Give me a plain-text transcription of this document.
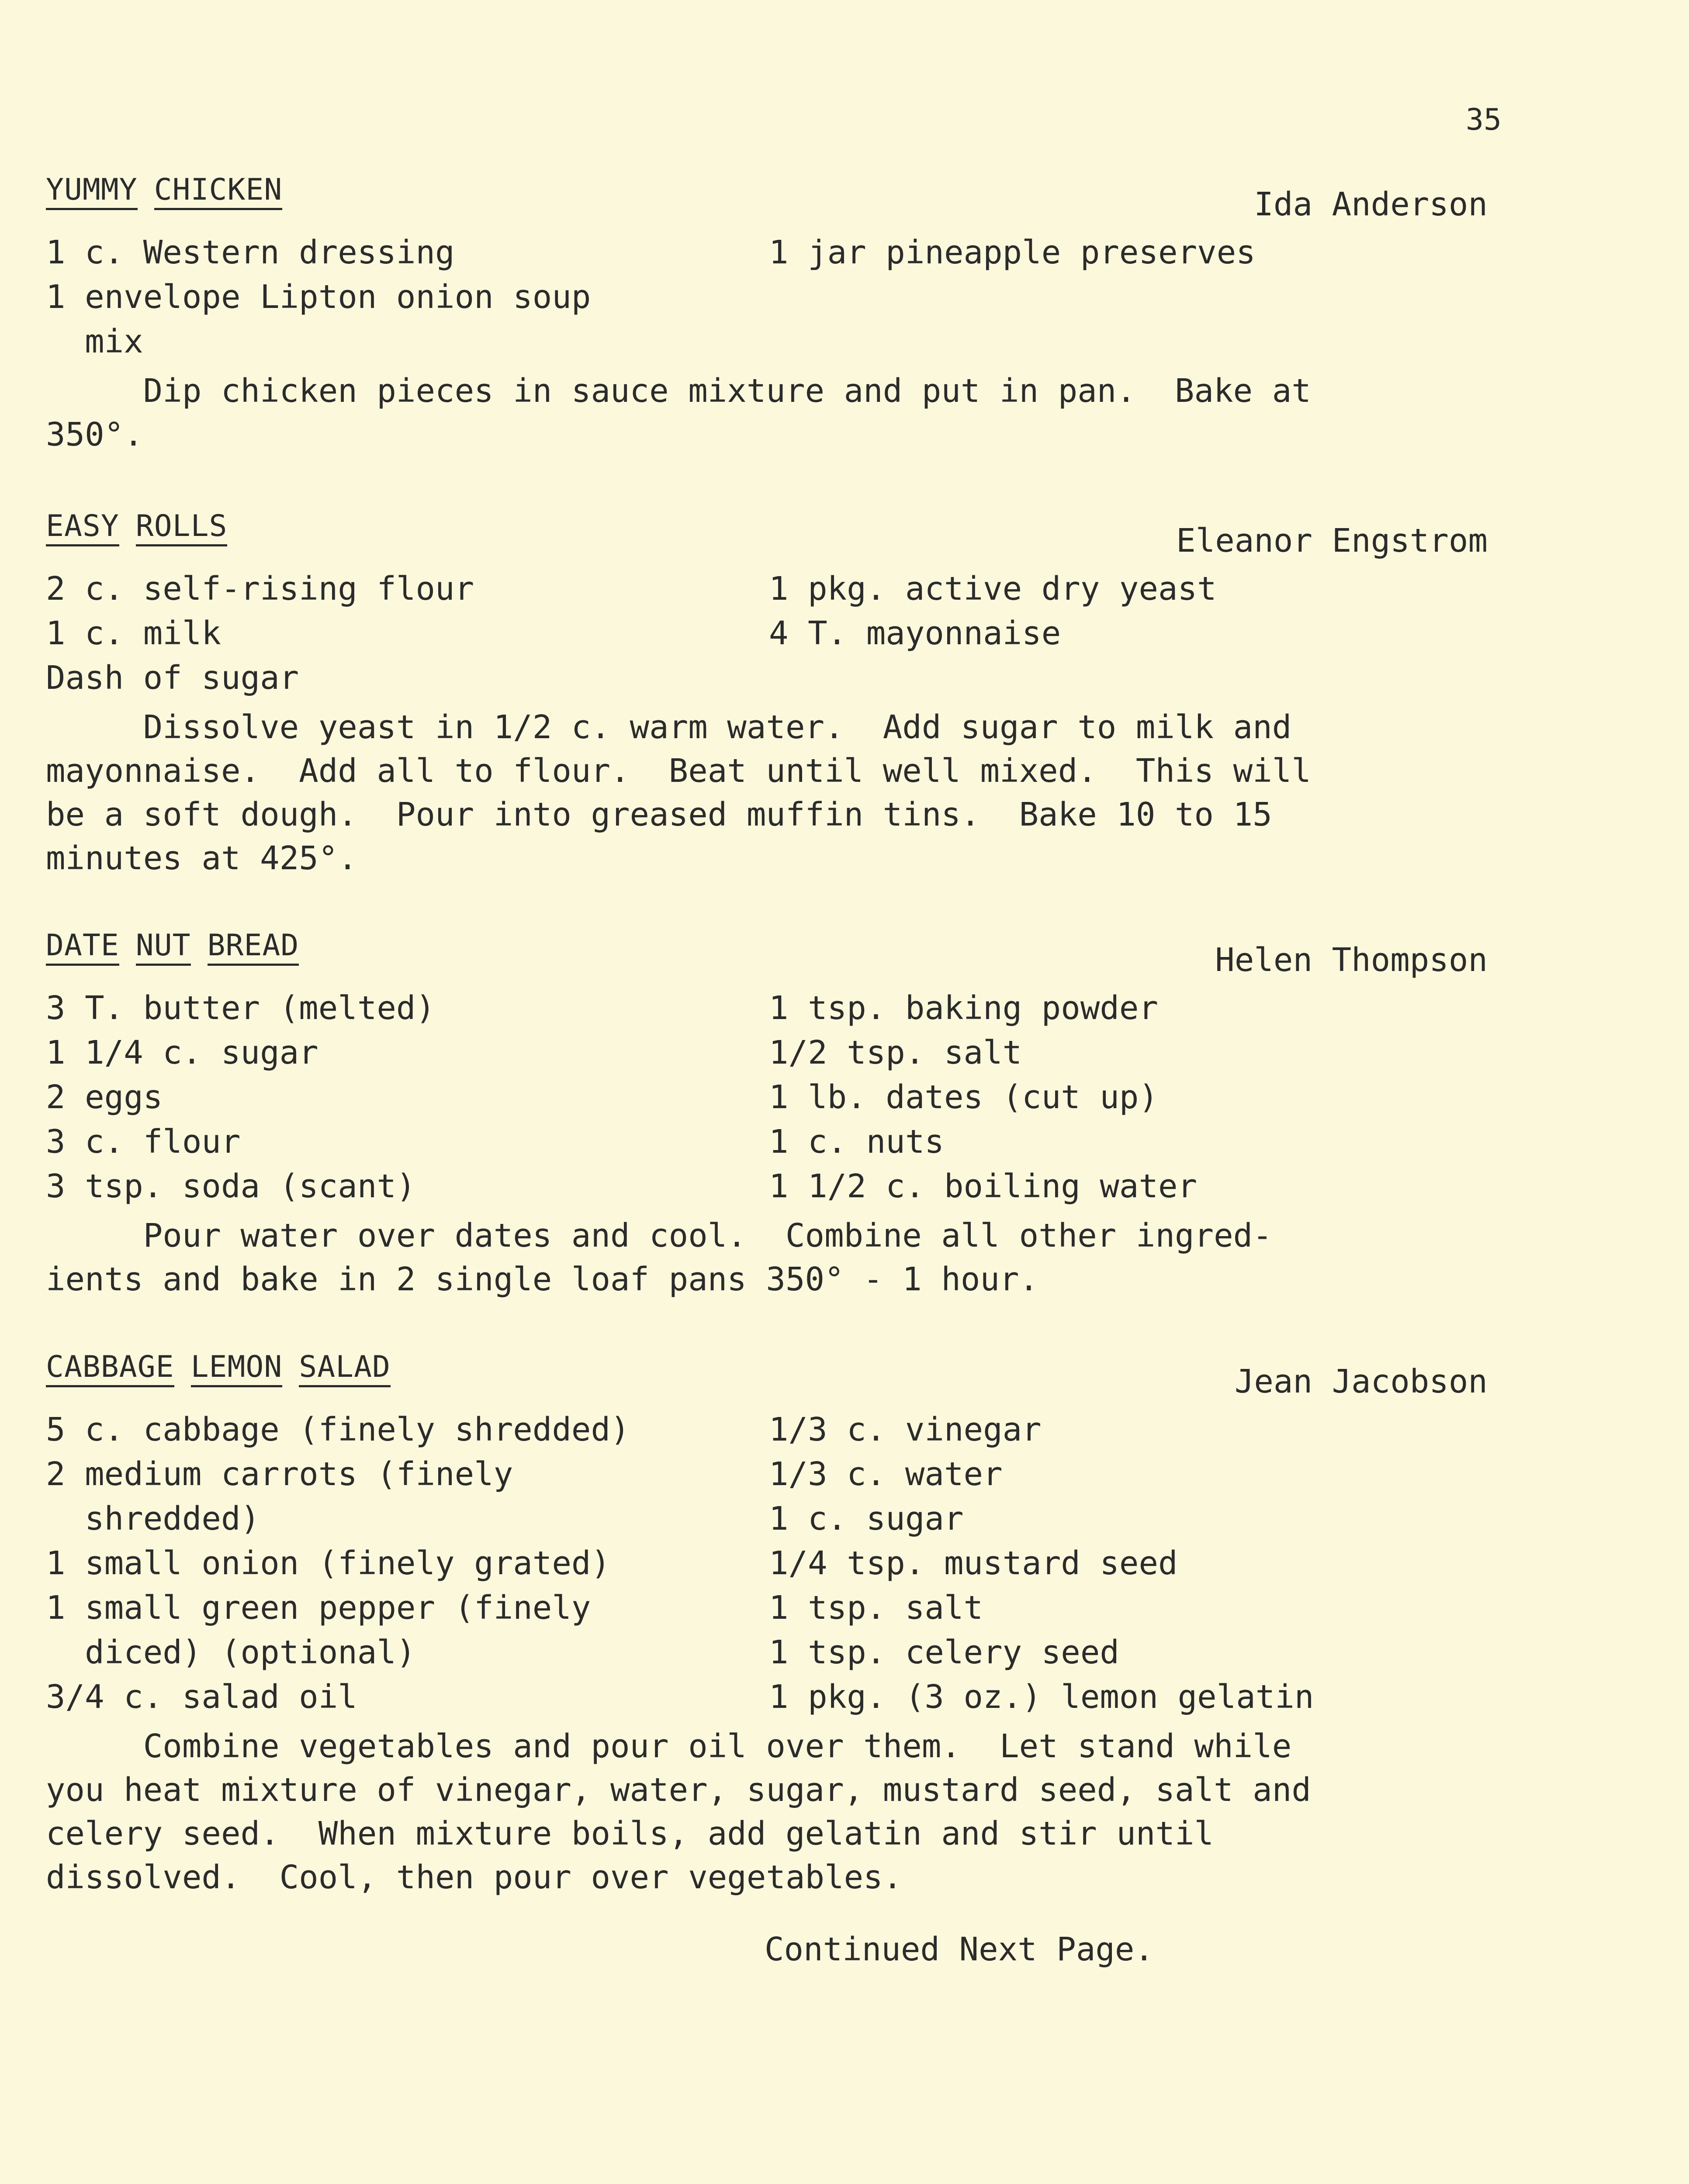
35
YUMMY CHICKEN	Ida Anderson
1 c. Western dressing	1 jar pineapple preserves
1 envelope Lipton onion soup
mix
Dip chicken pieces in sauce mixture and put in pan.  Bake at
350°.
EASY ROLLS	Eleanor Engstrom
2 c. self-rising flour	1 pkg. active dry yeast
1 c. milk	4 T. mayonnaise
Dash of sugar
Dissolve yeast in 1/2 c. warm water.  Add sugar to milk and
mayonnaise.  Add all to flour.  Beat until well mixed.  This will
be a soft dough.  Pour into greased muffin tins.  Bake 10 to 15
minutes at 425°.
DATE NUT BREAD	Helen Thompson
3 T. butter (melted)	1 tsp. baking powder
1 1/4 c. sugar	1/2 tsp. salt
2 eggs	1 lb. dates (cut up)
3 c. flour	1 c. nuts
3 tsp. soda (scant)	1 1/2 c. boiling water
Pour water over dates and cool.  Combine all other ingred-
ients and bake in 2 single loaf pans 350° - 1 hour.
CABBAGE LEMON SALAD	Jean Jacobson
5 c. cabbage (finely shredded)	1/3 c. vinegar
2 medium carrots (finely	1/3 c. water
shredded)	1 c. sugar
1 small onion (finely grated)	1/4 tsp. mustard seed
1 small green pepper (finely	1 tsp. salt
diced) (optional)	1 tsp. celery seed
3/4 c. salad oil	1 pkg. (3 oz.) lemon gelatin
Combine vegetables and pour oil over them.  Let stand while
you heat mixture of vinegar, water, sugar, mustard seed, salt and
celery seed.  When mixture boils, add gelatin and stir until
dissolved.  Cool, then pour over vegetables.
Continued Next Page.
